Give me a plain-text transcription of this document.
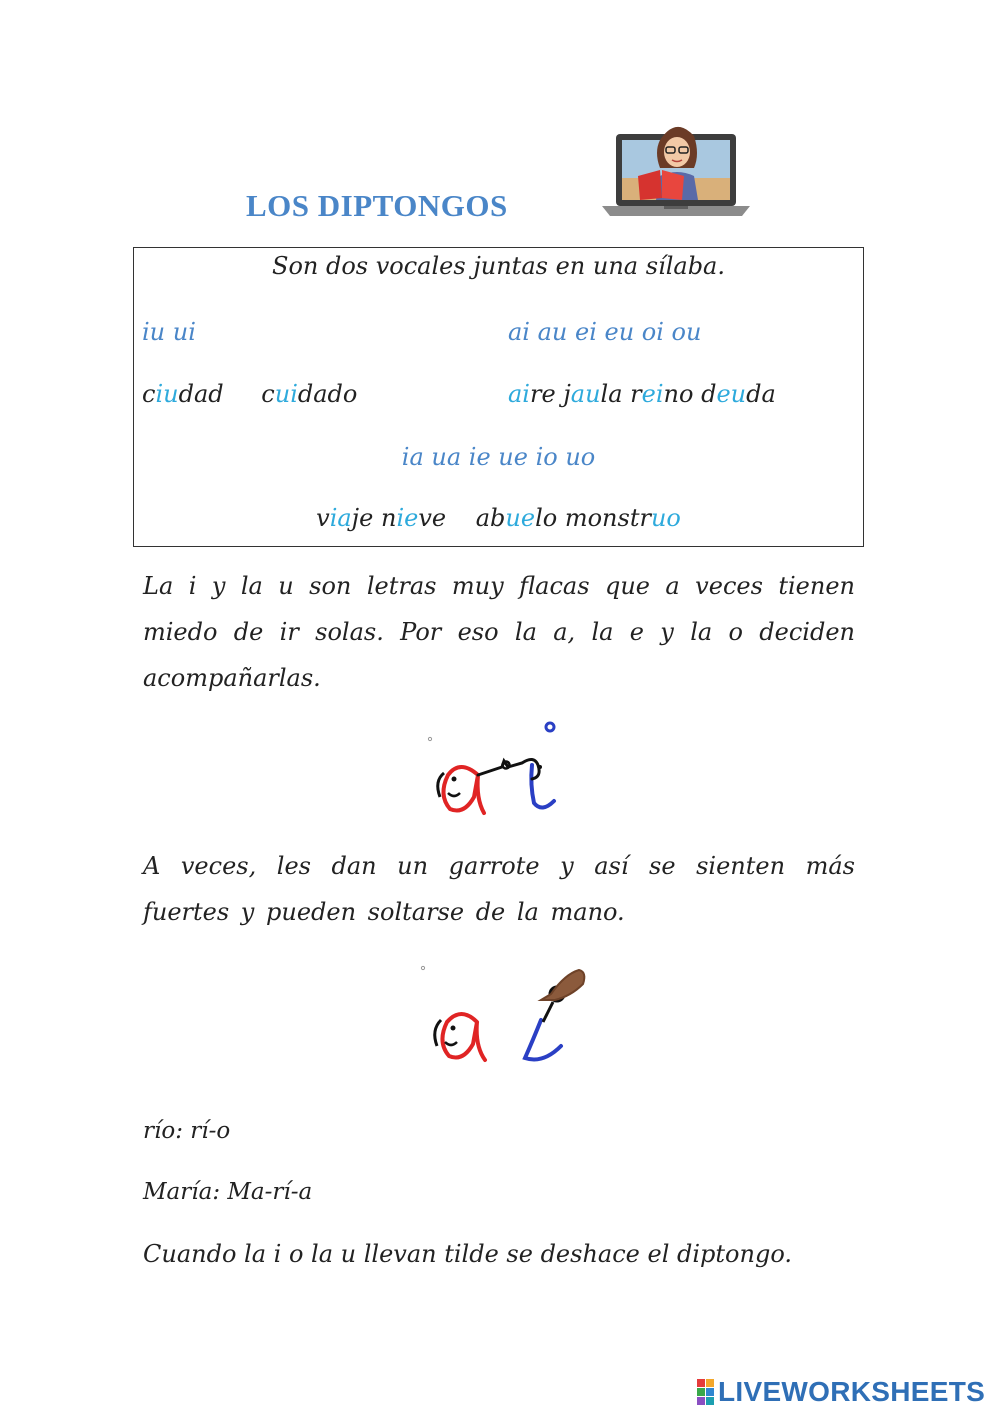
LOS DIPTONGOS
Son dos vocales juntas en una sílaba.
iu ui	ai au ei eu oi ou
ciudad cuidado	aire jaula reino deuda
ia ua ie ue io uo
viaje nieve abuelo monstruo
La i y la u son letras muy flacas que a veces tienen miedo de ir solas. Por eso la a, la e y la o deciden acompañarlas.
A veces, les dan un garrote y así se sienten más fuertes y pueden soltarse de la mano.
río: rí-o
María: Ma-rí-a
Cuando la i o la u llevan tilde se deshace el diptongo.
LIVEWORKSHEETS
